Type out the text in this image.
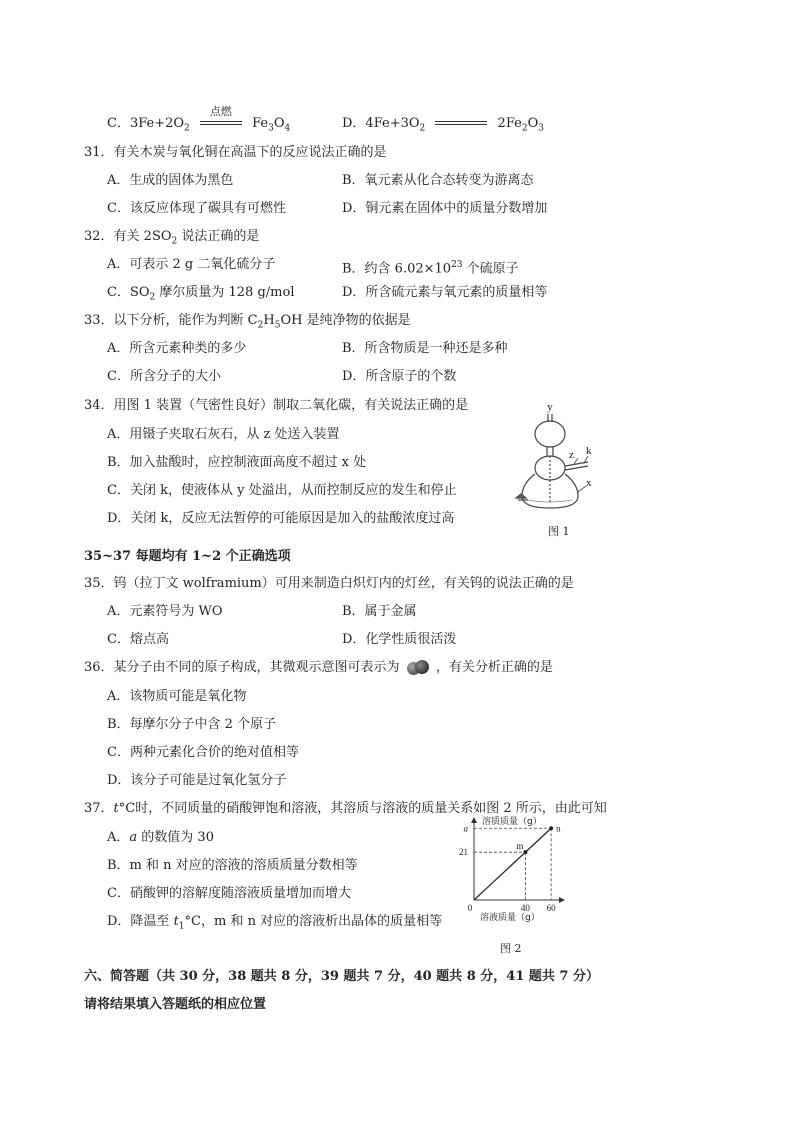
C．$3Fe+2O_2$
点燃
$Fe_3O_4$	D．$4Fe+3O_2$	$2Fe_2O_3$
31．有关木炭与氧化铜在高温下的反应说法正确的是
A．生成的固体为黑色	B．氧元素从化合态转变为游离态
C．该反应体现了碳具有可燃性	D．铜元素在固体中的质量分数增加
32．有关 $2SO_2$ 说法正确的是
A．可表示 2 g 二氧化硫分子	B．约含 $6.02\times 10^{23}$ 个硫原子
C．$SO_2$ 摩尔质量为 128 g/mol	D．所含硫元素与氧元素的质量相等
33．以下分析，能作为判断 $C_2H_5OH$ 是纯净物的依据是
A．所含元素种类的多少	B．所含物质是一种还是多种
C．所含分子的大小	D．所含原子的个数
34．用图 1 装置（气密性良好）制取二氧化碳，有关说法正确的是
A．用镊子夹取石灰石，从 z 处送入装置
B．加入盐酸时，应控制液面高度不超过 x 处
C．关闭 k，使液体从 y 处溢出，从而控制反应的发生和停止
D．关闭 k，反应无法暂停的可能原因是加入的盐酸浓度过高
y
z k
x
图 1
35~37 每题均有 1~2 个正确选项
35．钨（拉丁文 wolframium）可用来制造白炽灯内的灯丝，有关钨的说法正确的是
A．元素符号为 WO	B．属于金属
C．熔点高	D．化学性质很活泼
36．某分子由不同的原子构成，其微观示意图可表示为	，有关分析正确的是
A．该物质可能是氧化物
B．每摩尔分子中含 2 个原子
C．两种元素化合价的绝对值相等
D．该分子可能是过氧化氢分子
37．t°C时，不同质量的硝酸钾饱和溶液，其溶质与溶液的质量关系如图 2 所示，由此可知
A．a 的数值为 30
B．m 和 n 对应的溶液的溶质质量分数相等
C．硝酸钾的溶解度随溶液质量增加而增大
D．降温至 $t_1^\circ C$，m 和 n 对应的溶液析出晶体的质量相等
溶质质量（g）
溶液质量（g）
m
n
0	40 60
a
21
图 2
六、简答题（共 30 分，38 题共 8 分，39 题共 7 分，40 题共 8 分，41 题共 7 分）
请将结果填入答题纸的相应位置
